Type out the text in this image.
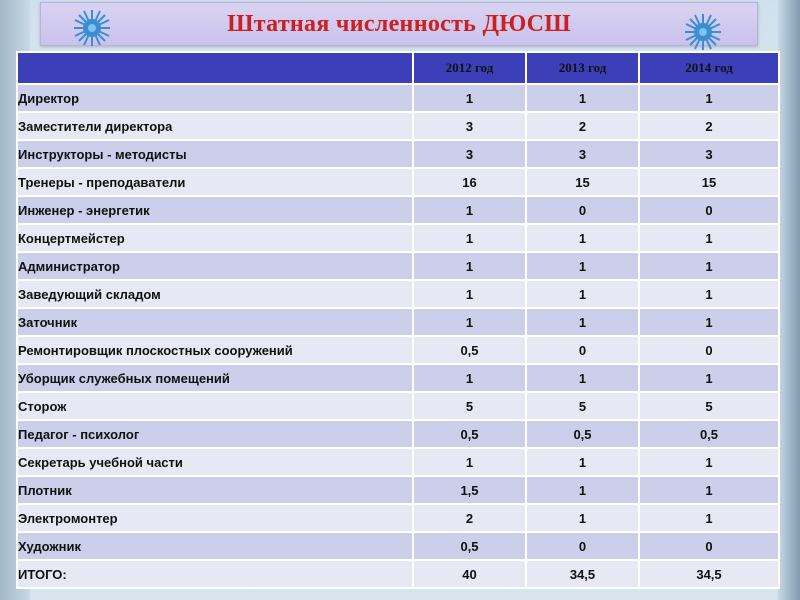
Штатная численность ДЮСШ
	2012 год	2013 год	2014 год
Директор	1	1	1
Заместители директора	3	2	2
Инструкторы - методисты	3	3	3
Тренеры - преподаватели	16	15	15
Инженер - энергетик	1	0	0
Концертмейстер	1	1	1
Администратор	1	1	1
Заведующий складом	1	1	1
Заточник	1	1	1
Ремонтировщик плоскостных сооружений	0,5	0	0
Уборщик служебных помещений	1	1	1
Сторож	5	5	5
Педагог - психолог	0,5	0,5	0,5
Секретарь учебной части	1	1	1
Плотник	1,5	1	1
Электромонтер	2	1	1
Художник	0,5	0	0
ИТОГО:	40	34,5	34,5
